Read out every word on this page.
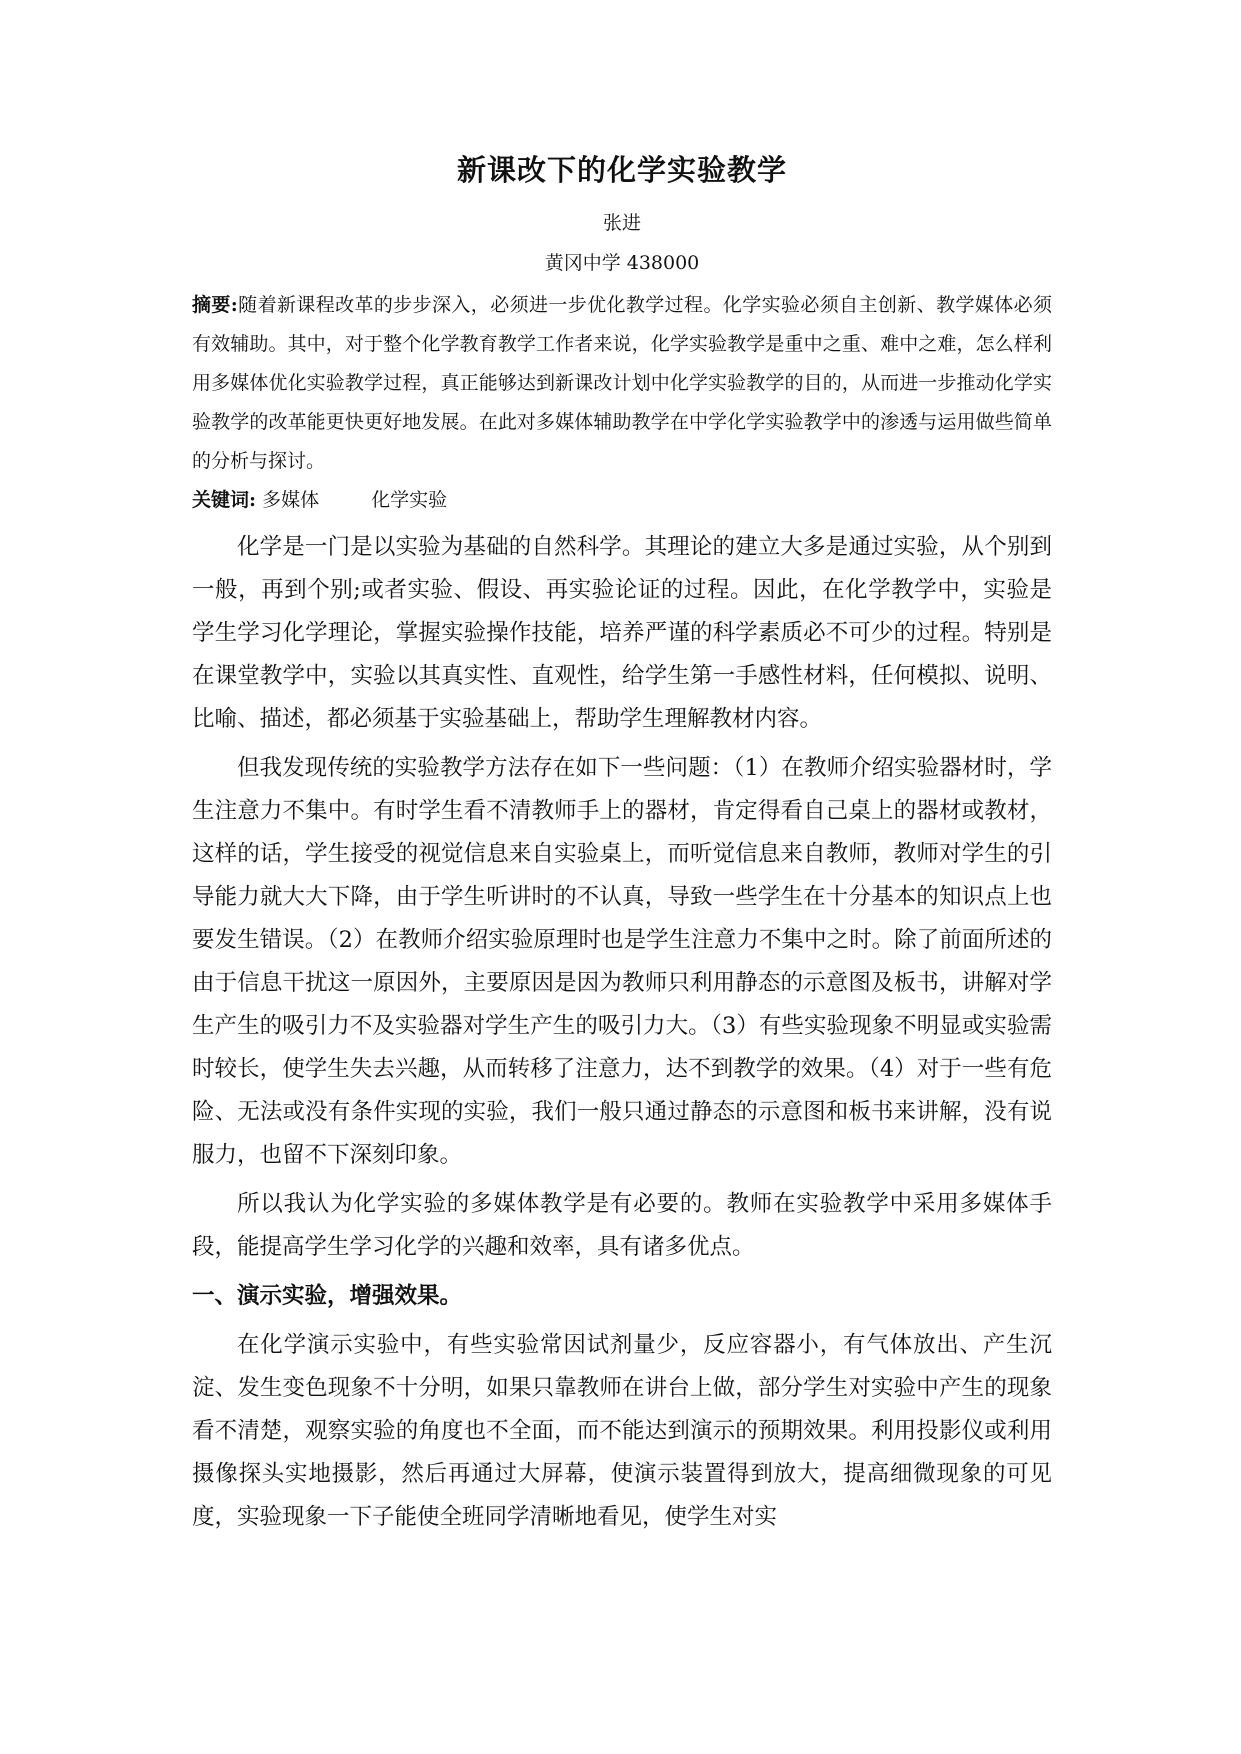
新课改下的化学实验教学
张进
黄冈中学 438000

摘要:随着新课程改革的步步深入，必须进一步优化教学过程。化学实验必须自主创新、教学媒体必须有效辅助。其中，对于整个化学教育教学工作者来说，化学实验教学是重中之重、难中之难，怎么样利用多媒体优化实验教学过程，真正能够达到新课改计划中化学实验教学的目的，从而进一步推动化学实验教学的改革能更快更好地发展。在此对多媒体辅助教学在中学化学实验教学中的渗透与运用做些简单的分析与探讨。

关键词: 多媒体	化学实验

化学是一门是以实验为基础的自然科学。其理论的建立大多是通过实验，从个别到一般，再到个别;或者实验、假设、再实验论证的过程。因此，在化学教学中，实验是学生学习化学理论，掌握实验操作技能，培养严谨的科学素质必不可少的过程。特别是在课堂教学中，实验以其真实性、直观性，给学生第一手感性材料，任何模拟、说明、比喻、描述，都必须基于实验基础上，帮助学生理解教材内容。

但我发现传统的实验教学方法存在如下一些问题：（1）在教师介绍实验器材时，学生注意力不集中。有时学生看不清教师手上的器材，肯定得看自己桌上的器材或教材，这样的话，学生接受的视觉信息来自实验桌上，而听觉信息来自教师，教师对学生的引导能力就大大下降，由于学生听讲时的不认真，导致一些学生在十分基本的知识点上也要发生错误。（2）在教师介绍实验原理时也是学生注意力不集中之时。除了前面所述的由于信息干扰这一原因外，主要原因是因为教师只利用静态的示意图及板书，讲解对学生产生的吸引力不及实验器对学生产生的吸引力大。（3）有些实验现象不明显或实验需时较长，使学生失去兴趣，从而转移了注意力，达不到教学的效果。（4）对于一些有危险、无法或没有条件实现的实验，我们一般只通过静态的示意图和板书来讲解，没有说服力，也留不下深刻印象。

所以我认为化学实验的多媒体教学是有必要的。教师在实验教学中采用多媒体手段，能提高学生学习化学的兴趣和效率，具有诸多优点。

一、演示实验，增强效果。

在化学演示实验中，有些实验常因试剂量少，反应容器小，有气体放出、产生沉淀、发生变色现象不十分明，如果只靠教师在讲台上做，部分学生对实验中产生的现象看不清楚，观察实验的角度也不全面，而不能达到演示的预期效果。利用投影仪或利用摄像探头实地摄影，然后再通过大屏幕，使演示装置得到放大，提高细微现象的可见度，实验现象一下子能使全班同学清晰地看见，使学生对实
